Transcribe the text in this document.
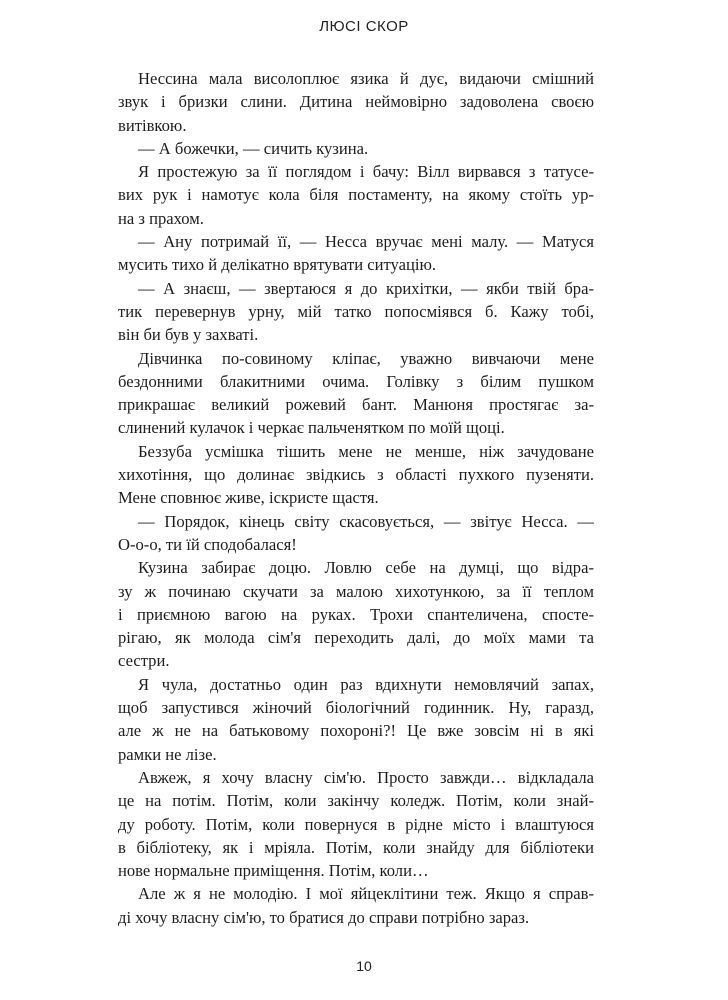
ЛЮСІ СКОР

Нессина мала висолоплює язика й дує, видаючи смішний
звук і бризки слини. Дитина неймовірно задоволена своєю
витівкою.

— А божечки, — сичить кузина.

Я простежую за її поглядом і бачу: Вілл вирвався з татусе-
вих рук і намотує кола біля постаменту, на якому стоїть ур-
на з прахом.

— Ану потримай її, — Несса вручає мені малу. — Матуся
мусить тихо й делікатно врятувати ситуацію.

— А знаєш, — звертаюся я до крихітки, — якби твій бра-
тик перевернув урну, мій татко попосміявся б. Кажу тобі,
він би був у захваті.

Дівчинка по-совиному кліпає, уважно вивчаючи мене
бездонними блакитними очима. Голівку з білим пушком
прикрашає великий рожевий бант. Манюня простягає за-
слинений кулачок і черкає пальченятком по моїй щоці.

Беззуба усмішка тішить мене не менше, ніж зачудоване
хихотіння, що долинає звідкись з області пухкого пузеняти.
Мене сповнює живе, іскристе щастя.

— Порядок, кінець світу скасовується, — звітує Несса. —
О-о-о, ти їй сподобалася!

Кузина забирає доцю. Ловлю себе на думці, що відра-
зу ж починаю скучати за малою хихотункою, за її теплом
і приємною вагою на руках. Трохи спантеличена, споcте-
рігаю, як молода сім'я переходить далі, до моїх мами та
сестри.

Я чула, достатньо один раз вдихнути немовлячий запах,
щоб запустився жіночий біологічний годинник. Ну, гаразд,
але ж не на батьковому похороні?! Це вже зовсім ні в які
рамки не лізе.

Авжеж, я хочу власну сім'ю. Просто завжди… відкладала
це на потім. Потім, коли закінчу коледж. Потім, коли знай-
ду роботу. Потім, коли повернуся в рідне місто і влаштуюся
в бібліотеку, як і мріяла. Потім, коли знайду для бібліотеки
нове нормальне приміщення. Потім, коли…

Але ж я не молодію. І мої яйцеклітини теж. Якщо я справ-
ді хочу власну сім'ю, то братися до справи потрібно зараз.

10
